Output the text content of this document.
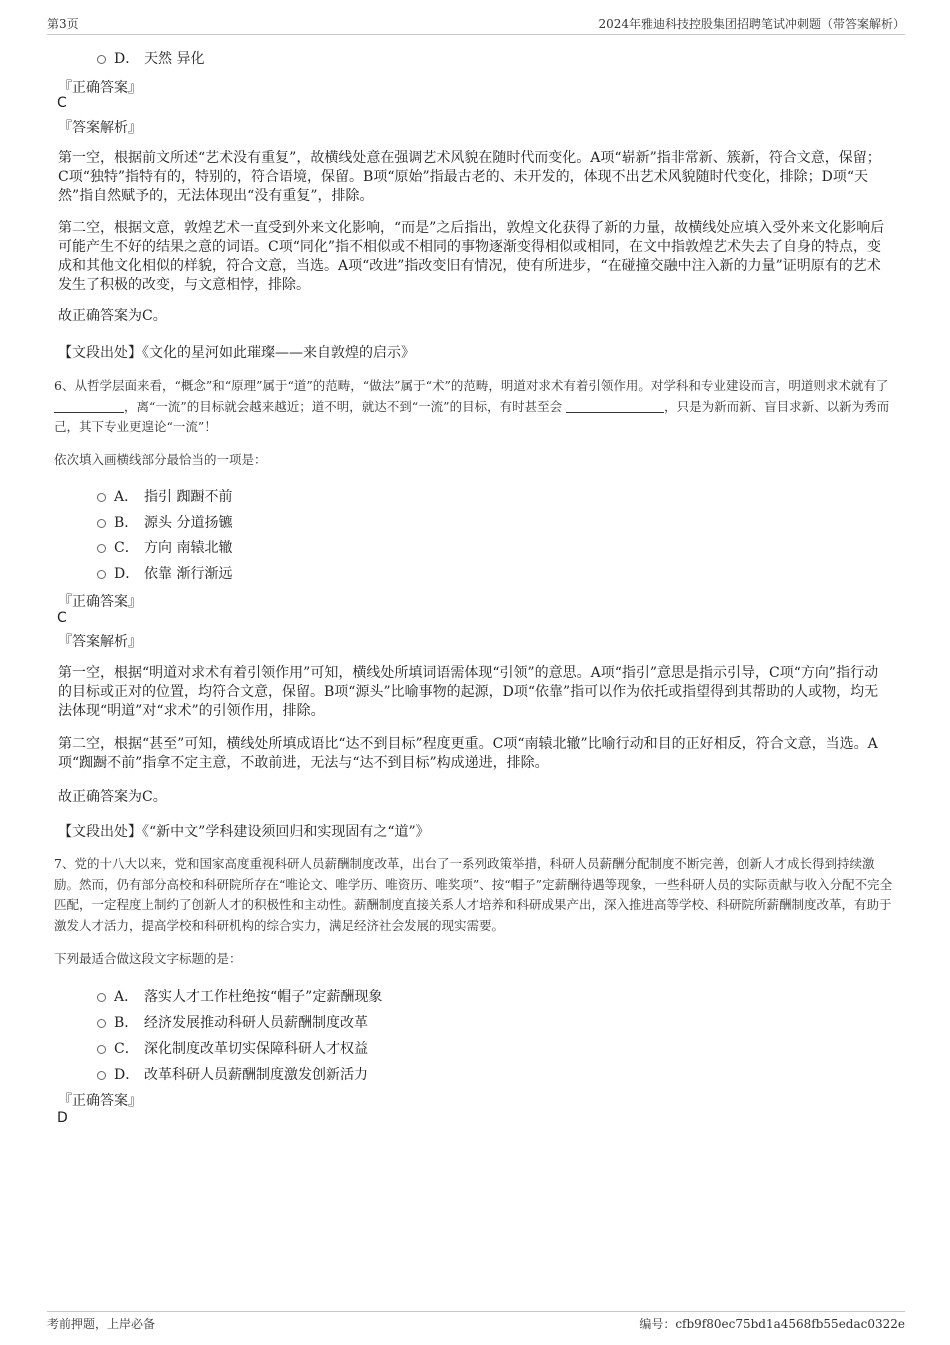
第3页	2024年雅迪科技控股集团招聘笔试冲刺题（带答案解析）
D． 天然 异化
『正确答案』
C
『答案解析』
第一空，根据前文所述“艺术没有重复”，故横线处意在强调艺术风貌在随时代而变化。A项“崭新”指非常新、簇新，符合文意，保留；C项“独特”指特有的，特别的，符合语境，保留。B项“原始”指最古老的、未开发的，体现不出艺术风貌随时代变化，排除；D项“天然”指自然赋予的，无法体现出“没有重复”，排除。
第二空，根据文意，敦煌艺术一直受到外来文化影响，“而是”之后指出，敦煌文化获得了新的力量，故横线处应填入受外来文化影响后可能产生不好的结果之意的词语。C项“同化”指不相似或不相同的事物逐渐变得相似或相同，在文中指敦煌艺术失去了自身的特点，变成和其他文化相似的样貌，符合文意，当选。A项“改进”指改变旧有情况，使有所进步，“在碰撞交融中注入新的力量”证明原有的艺术发生了积极的改变，与文意相悖，排除。
故正确答案为C。
【文段出处】《文化的星河如此璀璨——来自敦煌的启示》
6、从哲学层面来看，“概念”和“原理”属于“道”的范畴，“做法”属于“术”的范畴，明道对求术有着引领作用。对学科和专业建设而言，明道则求术就有了 ，离“一流”的目标就会越来越近；道不明，就达不到“一流”的目标，有时甚至会	，只是为新而新、盲目求新、以新为秀而己，其下专业更遑论“一流”！
依次填入画横线部分最恰当的一项是：
A． 指引 踟蹰不前
B． 源头 分道扬镳
C． 方向 南辕北辙
D． 依靠 渐行渐远
『正确答案』
C
『答案解析』
第一空，根据“明道对求术有着引领作用”可知，横线处所填词语需体现“引领”的意思。A项“指引”意思是指示引导，C项“方向”指行动的目标或正对的位置，均符合文意，保留。B项“源头”比喻事物的起源，D项“依靠”指可以作为依托或指望得到其帮助的人或物，均无法体现“明道”对“求术”的引领作用，排除。
第二空，根据“甚至”可知，横线处所填成语比“达不到目标”程度更重。C项“南辕北辙”比喻行动和目的正好相反，符合文意，当选。A项“踟蹰不前”指拿不定主意，不敢前进，无法与“达不到目标”构成递进，排除。
故正确答案为C。
【文段出处】《“新中文”学科建设须回归和实现固有之“道”》
7、党的十八大以来，党和国家高度重视科研人员薪酬制度改革，出台了一系列政策举措，科研人员薪酬分配制度不断完善，创新人才成长得到持续激励。然而，仍有部分高校和科研院所存在“唯论文、唯学历、唯资历、唯奖项”、按“帽子”定薪酬待遇等现象，一些科研人员的实际贡献与收入分配不完全匹配，一定程度上制约了创新人才的积极性和主动性。薪酬制度直接关系人才培养和科研成果产出，深入推进高等学校、科研院所薪酬制度改革，有助于激发人才活力，提高学校和科研机构的综合实力，满足经济社会发展的现实需要。
下列最适合做这段文字标题的是：
A． 落实人才工作杜绝按“帽子”定薪酬现象
B． 经济发展推动科研人员薪酬制度改革
C． 深化制度改革切实保障科研人才权益
D． 改革科研人员薪酬制度激发创新活力
『正确答案』
D
考前押题，上岸必备	编号：cfb9f80ec75bd1a4568fb55edac0322e
